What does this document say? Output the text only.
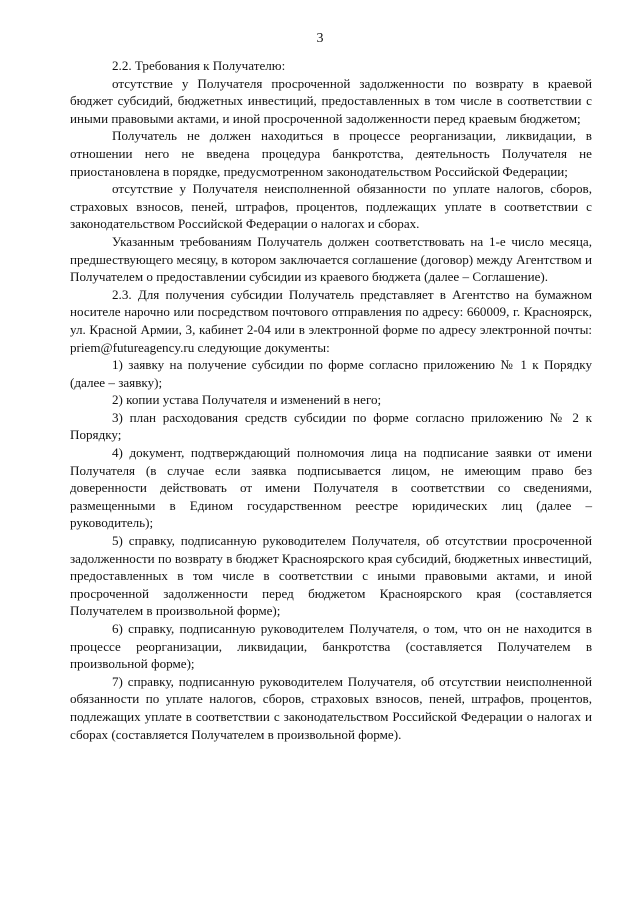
3

2.2. Требования к Получателю:

отсутствие у Получателя просроченной задолженности по возврату в краевой бюджет субсидий, бюджетных инвестиций, предоставленных в том числе в соответствии с иными правовыми актами, и иной просроченной задолженности перед краевым бюджетом;

Получатель не должен находиться в процессе реорганизации, ликвидации, в отношении него не введена процедура банкротства, деятельность Получателя не приостановлена в порядке, предусмотренном законодательством Российской Федерации;

отсутствие у Получателя неисполненной обязанности по уплате налогов, сборов, страховых взносов, пеней, штрафов, процентов, подлежащих уплате в соответствии с законодательством Российской Федерации о налогах и сборах.

Указанным требованиям Получатель должен соответствовать на 1-е число месяца, предшествующего месяцу, в котором заключается соглашение (договор) между Агентством и Получателем о предоставлении субсидии из краевого бюджета (далее – Соглашение).

2.3. Для получения субсидии Получатель представляет в Агентство на бумажном носителе нарочно или посредством почтового отправления по адресу: 660009, г. Красноярск, ул. Красной Армии, 3, кабинет 2-04 или в электронной форме по адресу электронной почты: priem@futureagency.ru следующие документы:

1) заявку на получение субсидии по форме согласно приложению № 1 к Порядку (далее – заявку);

2) копии устава Получателя и изменений в него;

3) план расходования средств субсидии по форме согласно приложению № 2 к Порядку;

4) документ, подтверждающий полномочия лица на подписание заявки от имени Получателя (в случае если заявка подписывается лицом, не имеющим право без доверенности действовать от имени Получателя в соответствии со сведениями, размещенными в Едином государственном реестре юридических лиц (далее – руководитель);

5) справку, подписанную руководителем Получателя, об отсутствии просроченной задолженности по возврату в бюджет Красноярского края субсидий, бюджетных инвестиций, предоставленных в том числе в соответствии с иными правовыми актами, и иной просроченной задолженности перед бюджетом Красноярского края (составляется Получателем в произвольной форме);

6) справку, подписанную руководителем Получателя, о том, что он не находится в процессе реорганизации, ликвидации, банкротства (составляется Получателем в произвольной форме);

7) справку, подписанную руководителем Получателя, об отсутствии неисполненной обязанности по уплате налогов, сборов, страховых взносов, пеней, штрафов, процентов, подлежащих уплате в соответствии с законодательством Российской Федерации о налогах и сборах (составляется Получателем в произвольной форме).
